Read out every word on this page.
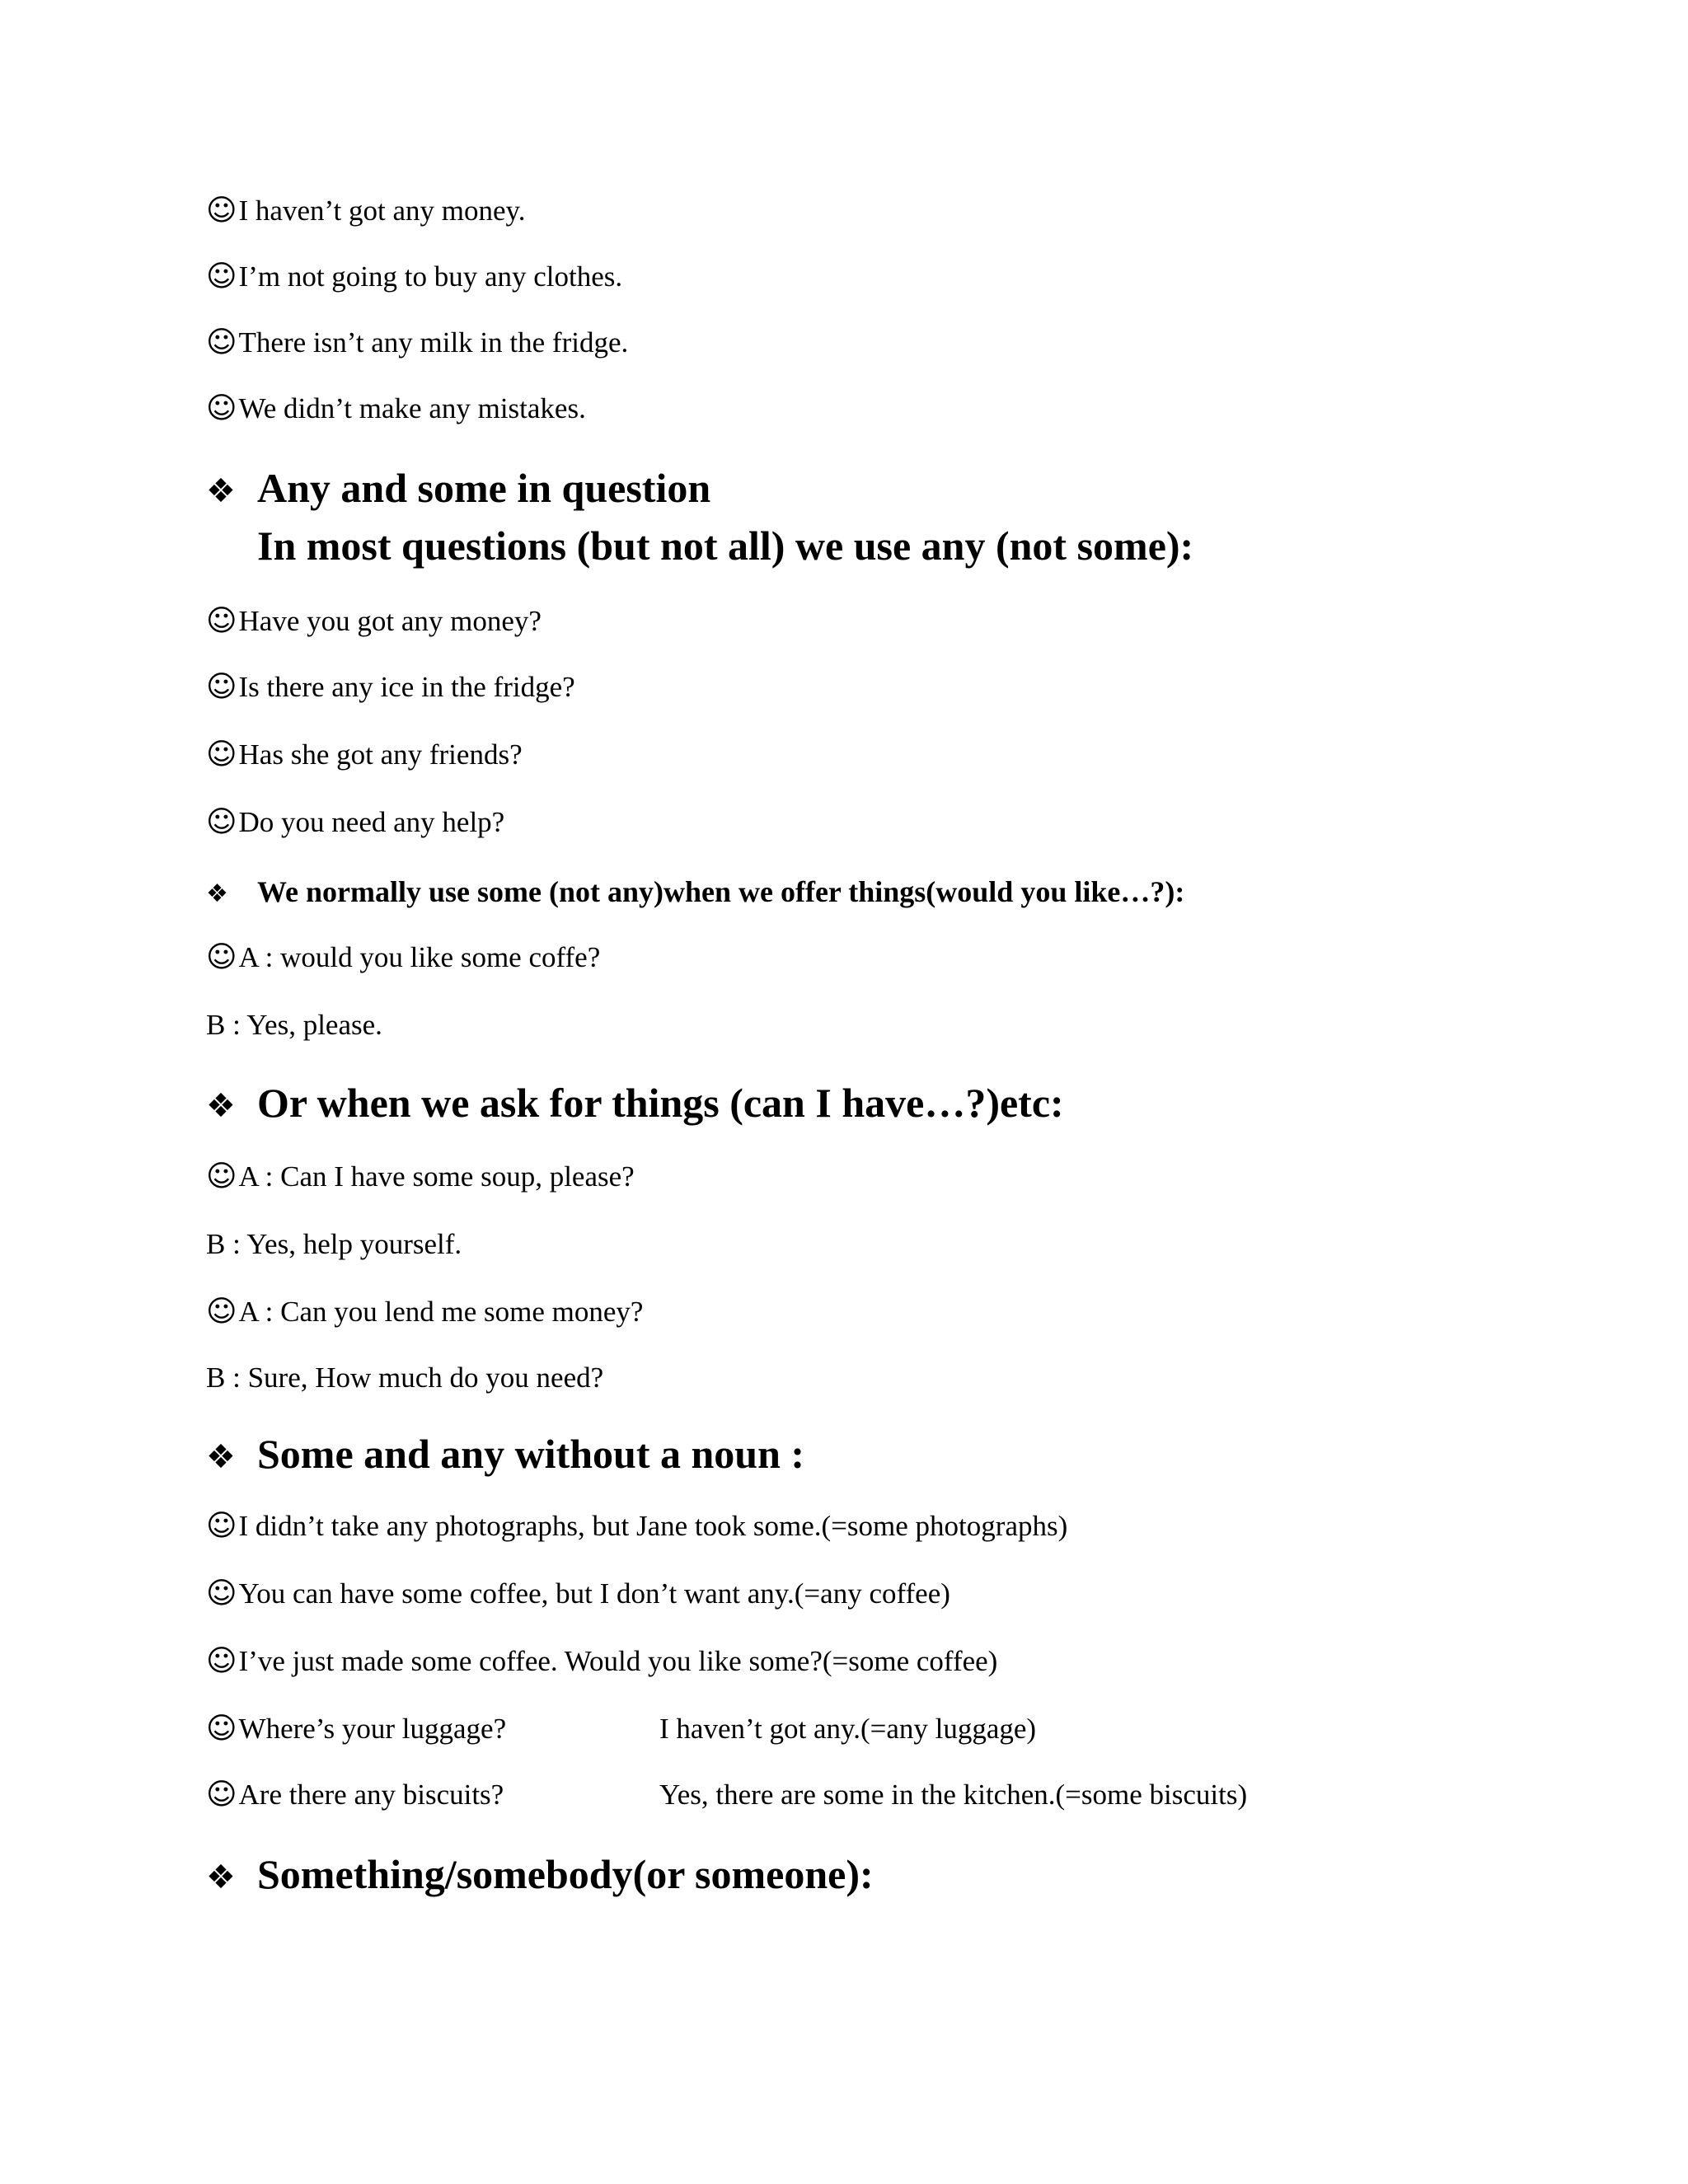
☺I haven’t got any money.
☺I’m not going to buy any clothes.
☺There isn’t any milk in the fridge.
☺We didn’t make any mistakes.
❖ Any and some in question
In most questions (but not all) we use any (not some):
☺Have you got any money?
☺Is there any ice in the fridge?
☺Has she got any friends?
☺Do you need any help?
❖ We normally use some (not any)when we offer things(would you like…?):
☺A : would you like some coffe?
B : Yes, please.
❖ Or when we ask for things (can I have…?)etc:
☺A : Can I have some soup, please?
B : Yes, help yourself.
☺A : Can you lend me some money?
B : Sure, How much do you need?
❖ Some and any without a noun :
☺I didn’t take any photographs, but Jane took some.(=some photographs)
☺You can have some coffee, but I don’t want any.(=any coffee)
☺I’ve just made some coffee. Would you like some?(=some coffee)
☺Where’s your luggage?	I haven’t got any.(=any luggage)
☺Are there any biscuits?	Yes, there are some in the kitchen.(=some biscuits)
❖ Something/somebody(or someone):
